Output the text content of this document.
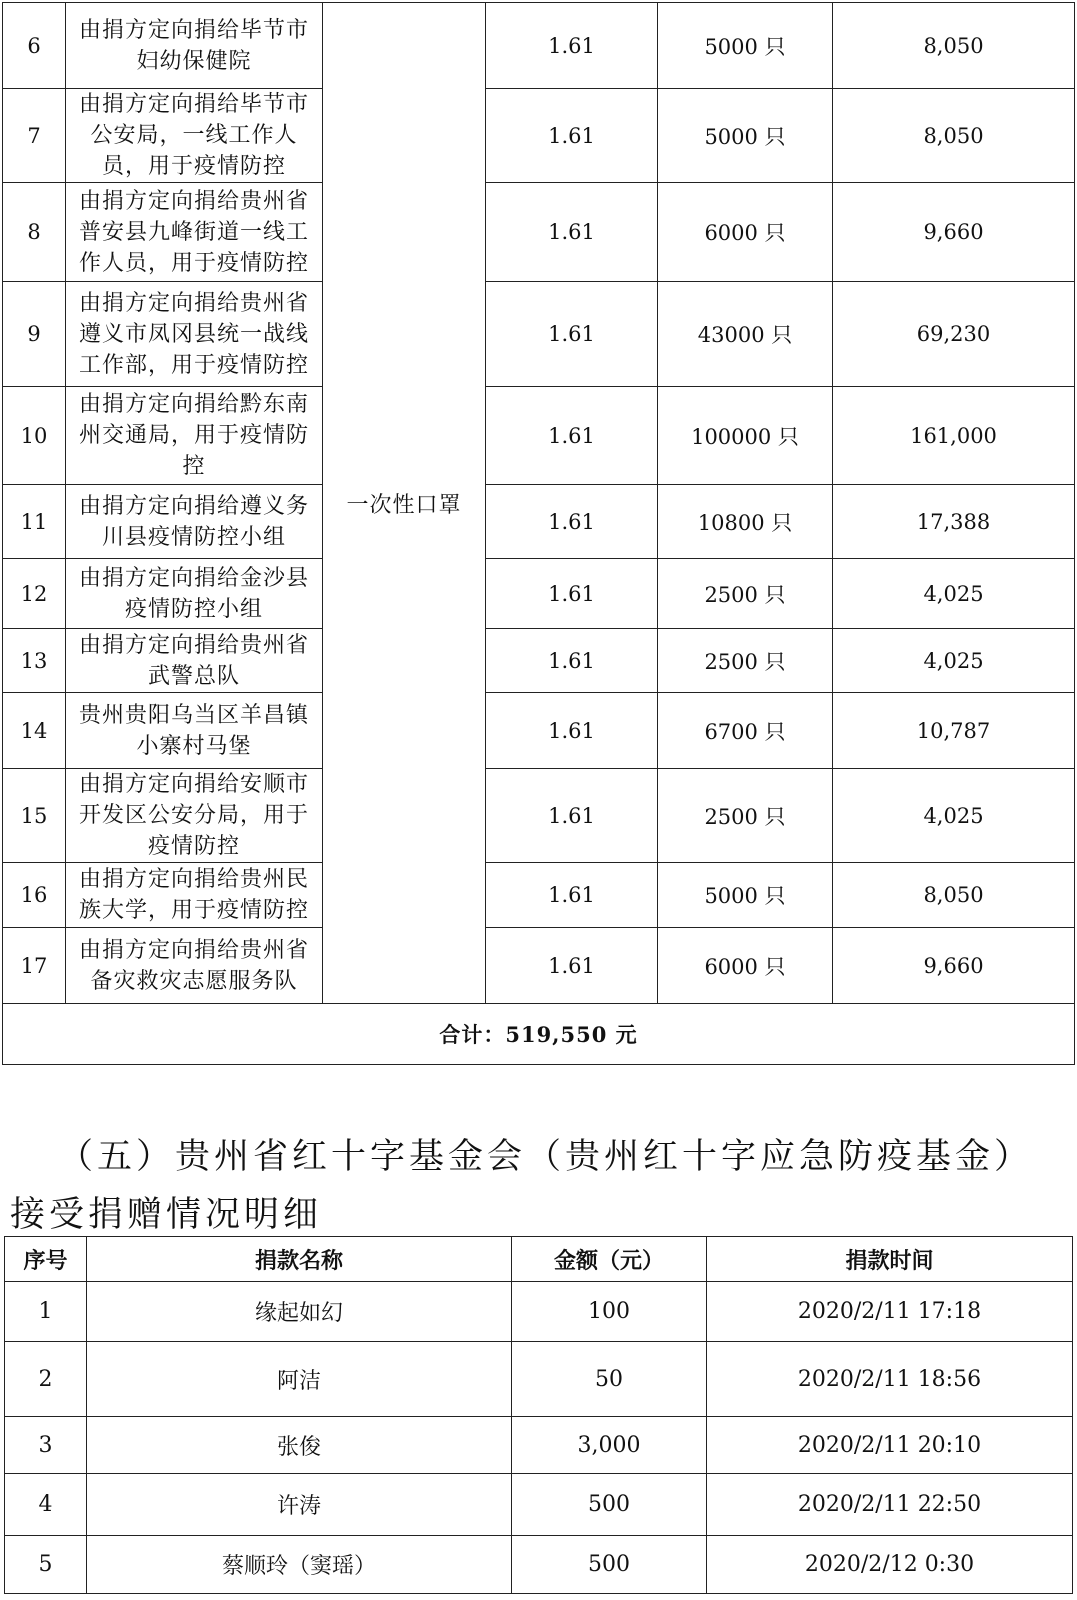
6	由捐方定向捐给毕节市妇幼保健院	一次性口罩	1.61	5000 只	8,050
7	由捐方定向捐给毕节市公安局，一线工作人员，用于疫情防控		1.61	5000 只	8,050
8	由捐方定向捐给贵州省普安县九峰街道一线工作人员，用于疫情防控		1.61	6000 只	9,660
9	由捐方定向捐给贵州省遵义市凤冈县统一战线工作部，用于疫情防控		1.61	43000 只	69,230
10	由捐方定向捐给黔东南州交通局，用于疫情防控		1.61	100000 只	161,000
11	由捐方定向捐给遵义务川县疫情防控小组		1.61	10800 只	17,388
12	由捐方定向捐给金沙县疫情防控小组		1.61	2500 只	4,025
13	由捐方定向捐给贵州省武警总队		1.61	2500 只	4,025
14	贵州贵阳乌当区羊昌镇小寨村马堡		1.61	6700 只	10,787
15	由捐方定向捐给安顺市开发区公安分局，用于疫情防控		1.61	2500 只	4,025
16	由捐方定向捐给贵州民族大学，用于疫情防控		1.61	5000 只	8,050
17	由捐方定向捐给贵州省备灾救灾志愿服务队		1.61	6000 只	9,660
合计：519,550 元					
（五）贵州省红十字基金会（贵州红十字应急防疫基金）
接受捐赠情况明细
序号	捐款名称	金额（元）	捐款时间
1	缘起如幻	100	2020/2/11 17:18
2	阿洁	50	2020/2/11 18:56
3	张俊	3,000	2020/2/11 20:10
4	许涛	500	2020/2/11 22:50
5	蔡顺玲（窦瑶）	500	2020/2/12 0:30
